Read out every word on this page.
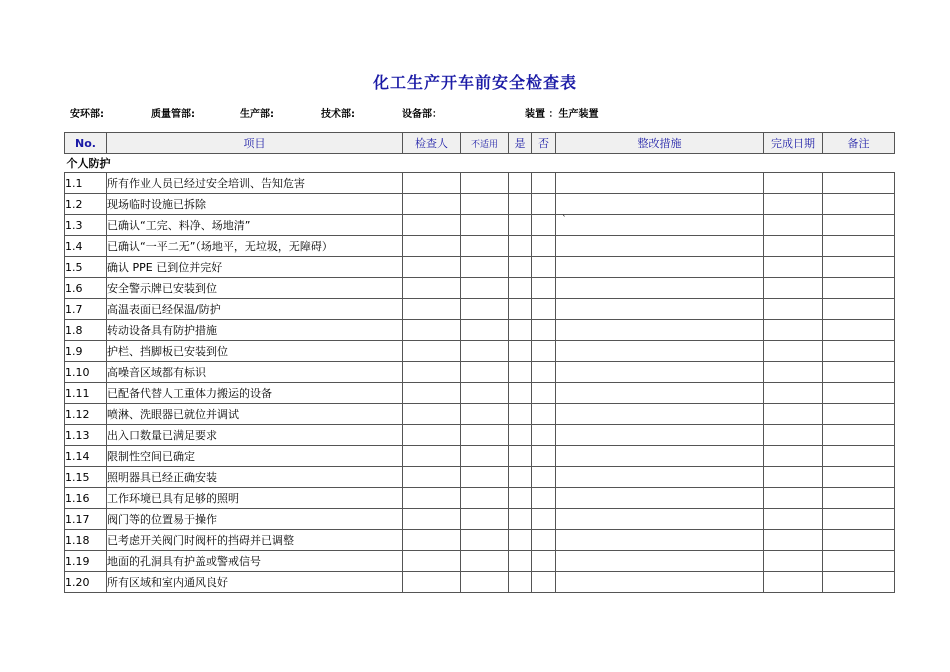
化工生产开车前安全检查表
安环部:	质量管部:	生产部:	技术部:	设备部：	装置 ：生产装置
No.	项目	检查人	不适用	是	否	整改措施	完成日期	备注
个人防护								
1.1	所有作业人员已经过安全培训、告知危害							
1.2	现场临时设施已拆除							
1.3	已确认“工完、料净、场地清”					`		
1.4	已确认“一平二无”（场地平，无垃圾，无障碍）							
1.5	确认 PPE 已到位并完好							
1.6	安全警示牌已安装到位							
1.7	高温表面已经保温/防护							
1.8	转动设备具有防护措施							
1.9	护栏、挡脚板已安装到位							
1.10	高噪音区域都有标识							
1.11	已配备代替人工重体力搬运的设备							
1.12	喷淋、洗眼器已就位并调试							
1.13	出入口数量已满足要求							
1.14	限制性空间已确定							
1.15	照明器具已经正确安装							
1.16	工作环境已具有足够的照明							
1.17	阀门等的位置易于操作							
1.18	已考虑开关阀门时阀杆的挡碍并已调整							
1.19	地面的孔洞具有护盖或警戒信号							
1.20	所有区域和室内通风良好							
